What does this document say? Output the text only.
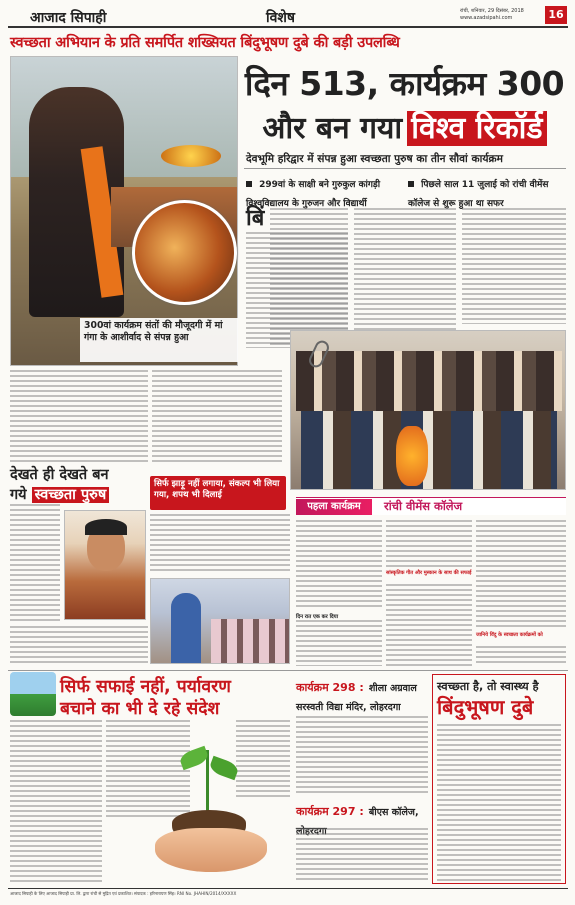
आजाद सिपाही	विशेष	रांची, शनिवार, 29 दिसंबर, 2018
www.azadsipahi.com	16
स्वच्छता अभियान के प्रति समर्पित शख्सियत बिंदुभूषण दुबे की बड़ी उपलब्धि
300वां कार्यक्रम संतों की मौजूदगी में मां गंगा के आशीर्वाद से संपन्न हुआ
दिन 513, कार्यक्रम 300
और बन गया विश्व रिकॉर्ड
देवभूमि हरिद्वार में संपन्न हुआ स्वच्छता पुरुष का तीन सौवां कार्यक्रम
299वां के साक्षी बने गुरुकुल कांगड़ी विश्वविद्यालय के गुरुजन और विद्यार्थी
पिछले साल 11 जुलाई को रांची वीमेंस कॉलेज से शुरू हुआ था सफर
बिं
देखते ही देखते बन
गये स्वच्छता पुरुष
सिर्फ झाड़ू नहीं लगाया, संकल्प भी लिया गया, शपथ भी दिलाई
पहला कार्यक्रम	रांची वीमेंस कॉलेज
दिन रात एक कर दिया
सांस्कृतिक गीत और मुस्कान के साथ की सफाई
जानिये विंदु के स्वच्छता कार्यक्रमों को
सिर्फ सफाई नहीं, पर्यावरण
बचाने का भी दे रहे संदेश
कार्यक्रम 298 : शीला अग्रवाल सरस्वती विद्या मंदिर, लोहरदगा
कार्यक्रम 297 : बीएस कॉलेज, लोहरदगा
स्वच्छ्ता है, तो स्वास्थ्य है
बिंदुभूषण दुबे
आजाद सिपाही के लिए आजाद सिपाही प्रा. लि. द्वारा रांची से मुद्रित एवं प्रकाशित। संपादक : हरिनारायण सिंह। RNI No. JHAHIN/2014/XXXXX
